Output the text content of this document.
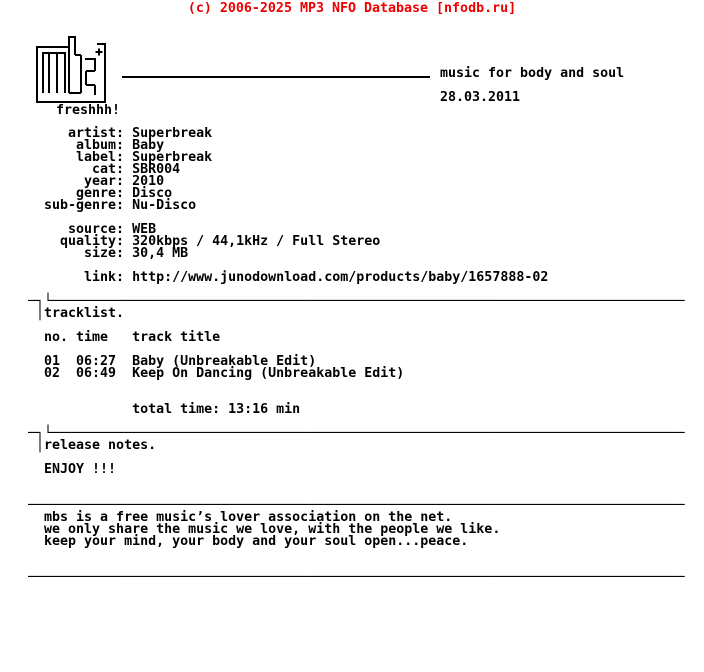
(c) 2006-2025 MP3 NFO Database [nfodb.ru]
music for body and soul
28.03.2011
freshhh!
artist: Superbreak
album: Baby
label: Superbreak
cat: SBR004
year: 2010
genre: Disco
sub-genre: Nu-Disco
source: WEB
quality: 320kbps / 44,1kHz / Full Stereo
size: 30,4 MB
link: http://www.junodownload.com/products/baby/1657888-02
─┐└───────────────────────────────────────────────────────────────────────────────
│tracklist.
no. time   track title
01  06:27  Baby (Unbreakable Edit)
02  06:49  Keep On Dancing (Unbreakable Edit)
total time: 13:16 min
─┐└───────────────────────────────────────────────────────────────────────────────
│release notes.
ENJOY !!!
──────────────────────────────────────────────────────────────────────────────────
mbs is a free music’s lover association on the net.
we only share the music we love, with the people we like.
keep your mind, your body and your soul open...peace.
──────────────────────────────────────────────────────────────────────────────────
